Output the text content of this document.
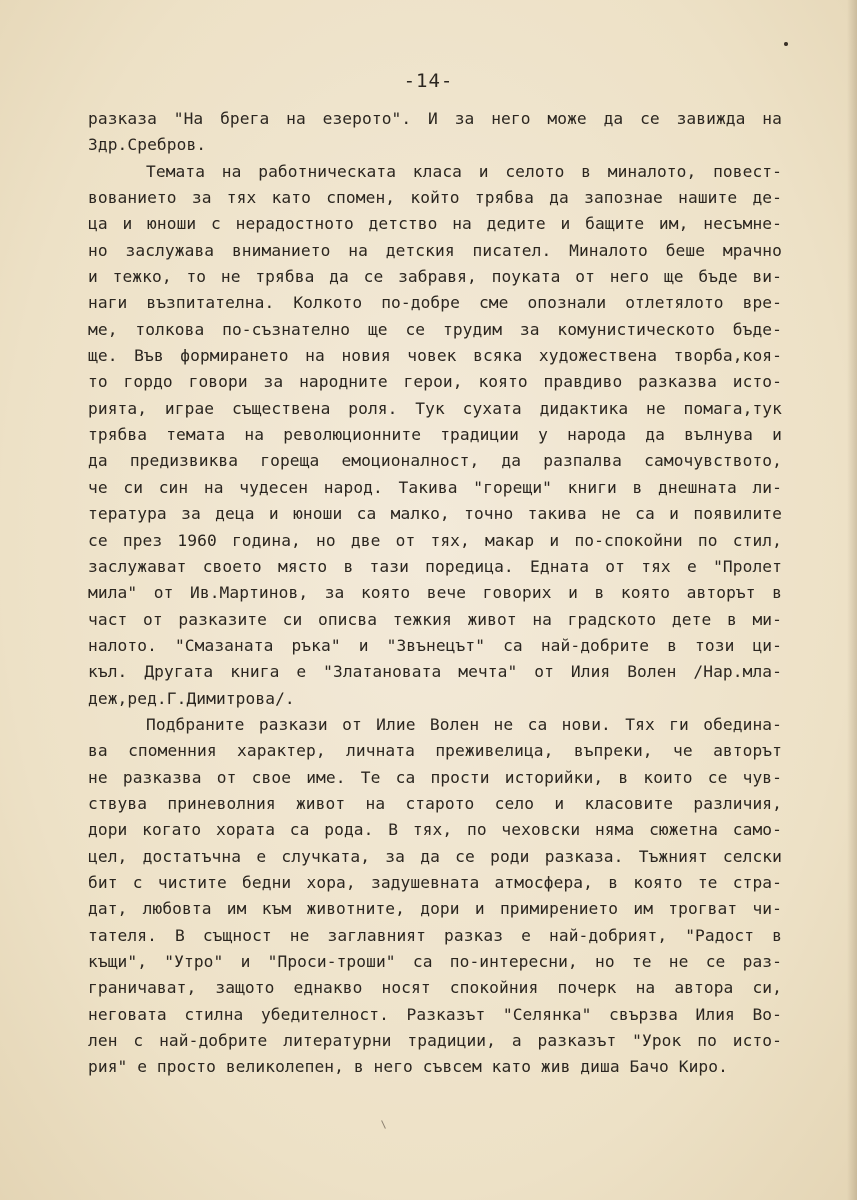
-14-
разказа "На брега на езерото". И за него може да се завижда на
Здр.Сребров.
Темата на работническата класа и селото в миналото, повест-
вованието за тях като спомен, който трябва да запознае нашите де-
ца и юноши с нерадостното детство на дедите и бащите им, несъмне-
но заслужава вниманието на детския писател. Миналото беше мрачно
и тежко, то не трябва да се забравя, поуката от него ще бъде ви-
наги възпитателна. Колкото по-добре сме опознали отлетялото вре-
ме, толкова по-съзнателно ще се трудим за комунистическото бъде-
ще. Във формирането на новия човек всяка художествена творба,коя-
то гордо говори за народните герои, която правдиво разказва исто-
рията, играе съществена роля. Тук сухата дидактика не помага,тук
трябва темата на революционните традиции у народа да вълнува и
да предизвиква гореща емоционалност, да разпалва самочувството,
че си син на чудесен народ. Такива "горещи" книги в днешната ли-
тература за деца и юноши са малко, точно такива не са и появилите
се през 1960 година, но две от тях, макар и по-спокойни по стил,
заслужават своето място в тази поредица. Едната от тях е "Пролет
мила" от Ив.Мартинов, за която вече говорих и в която авторът в
част от разказите си описва тежкия живот на градското дете в ми-
налото. "Смазаната ръка" и "Звънецът" са най-добрите в този ци-
къл. Другата книга е "Златановата мечта" от Илия Волен /Нар.мла-
деж,ред.Г.Димитрова/.
Подбраните разкази от Илие Волен не са нови. Тях ги обедина-
ва споменния характер, личната преживелица, въпреки, че авторът
не разказва от свое име. Те са прости историйки, в които се чув-
ствува приневолния живот на старото село и класовите различия,
дори когато хората са рода. В тях, по чеховски няма сюжетна само-
цел, достатъчна е случката, за да се роди разказа. Тъжният селски
бит с чистите бедни хора, задушевната атмосфера, в която те стра-
дат, любовта им към животните, дори и примирението им трогват чи-
тателя. В същност не заглавният разказ е най-добрият, "Радост в
къщи", "Утро" и "Проси-троши" са по-интересни, но те не се раз-
граничават, защото еднакво носят спокойния почерк на автора си,
неговата стилна убедителност. Разказът "Селянка" свързва Илия Во-
лен с най-добрите литературни традиции, а разказът "Урок по исто-
рия" е просто великолепен, в него съвсем като жив диша Бачо Киро.
